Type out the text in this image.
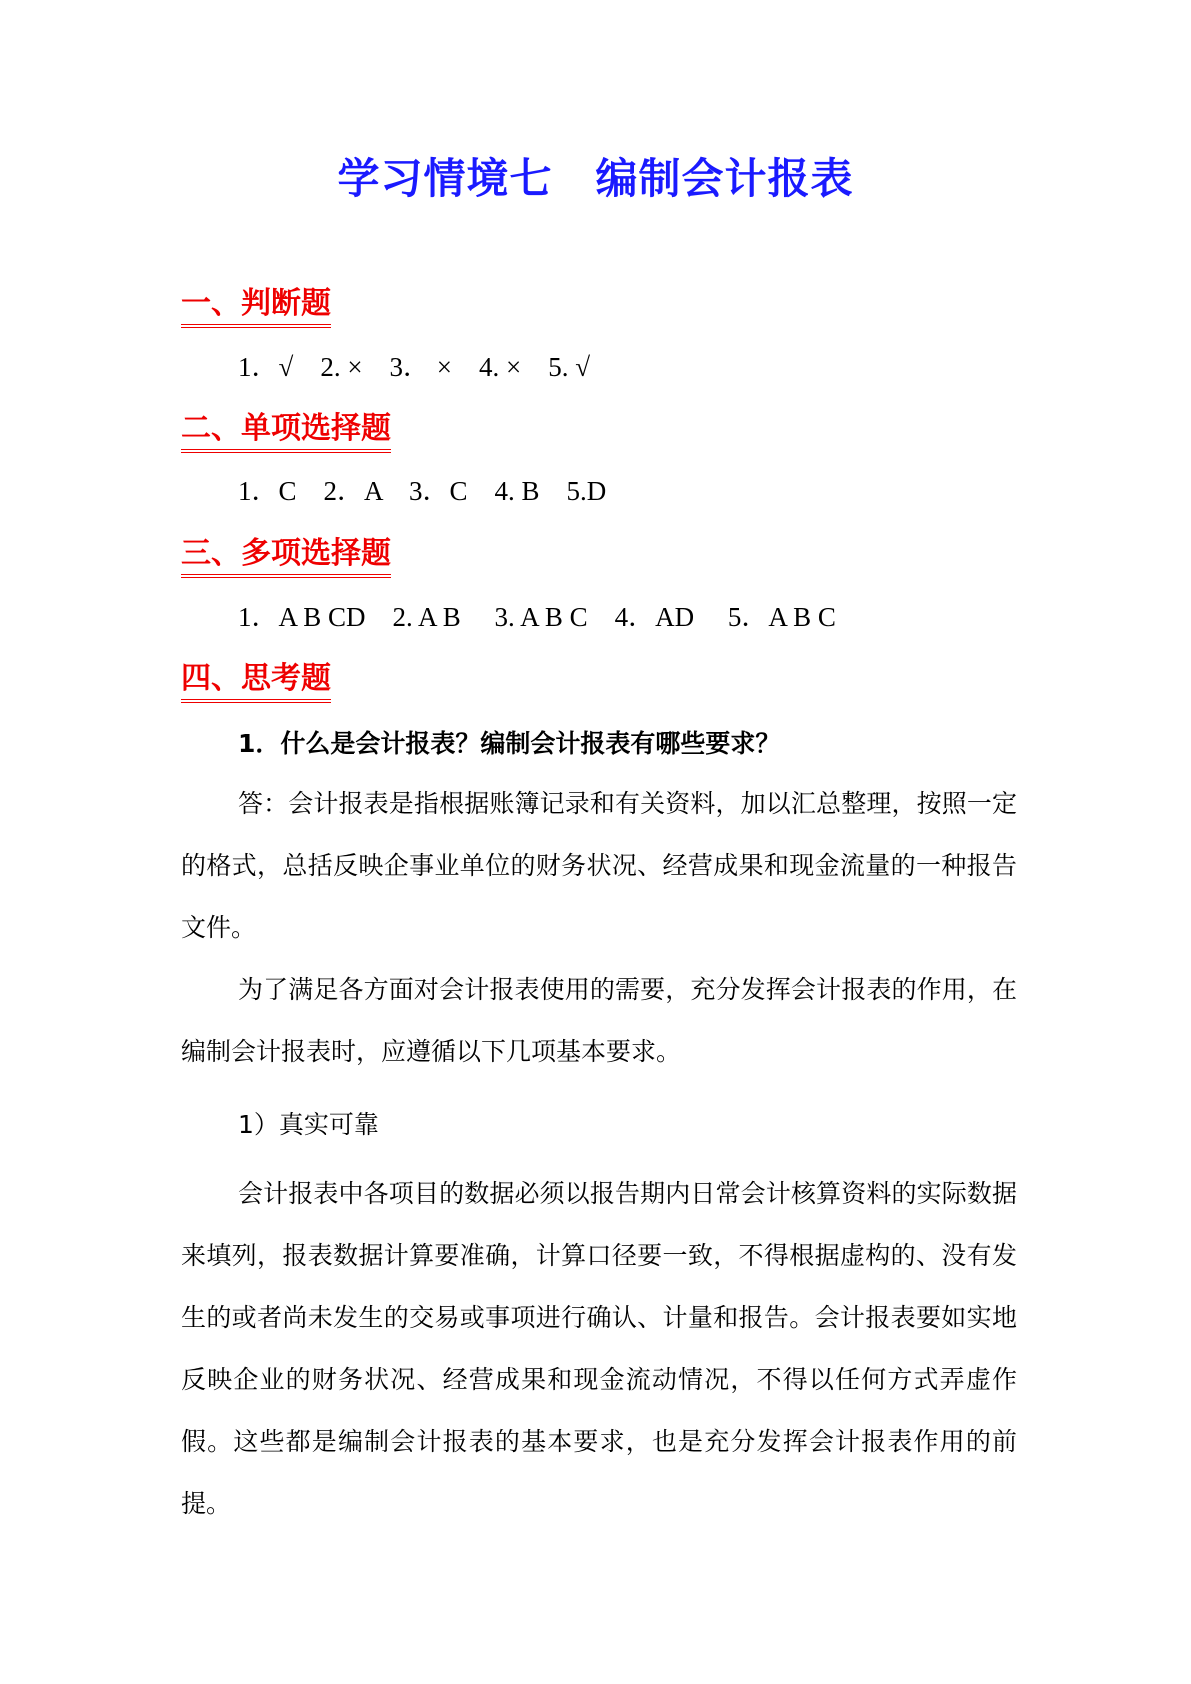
学习情境七　编制会计报表
一、判断题
1．√　2. ×　3． ×　4. ×　5. √
二、单项选择题
1．C　2．A　3．C　4. B　5.D
三、多项选择题
1．A B CD　2. A B　 3. A B C　4．AD　 5．A B C
四、思考题
1．什么是会计报表？编制会计报表有哪些要求？
答：会计报表是指根据账簿记录和有关资料，加以汇总整理，按照一定的格式，总括反映企事业单位的财务状况、经营成果和现金流量的一种报告文件。
为了满足各方面对会计报表使用的需要，充分发挥会计报表的作用，在编制会计报表时，应遵循以下几项基本要求。
1）真实可靠
会计报表中各项目的数据必须以报告期内日常会计核算资料的实际数据来填列，报表数据计算要准确，计算口径要一致，不得根据虚构的、没有发生的或者尚未发生的交易或事项进行确认、计量和报告。会计报表要如实地反映企业的财务状况、经营成果和现金流动情况，不得以任何方式弄虚作假。这些都是编制会计报表的基本要求，也是充分发挥会计报表作用的前提。
